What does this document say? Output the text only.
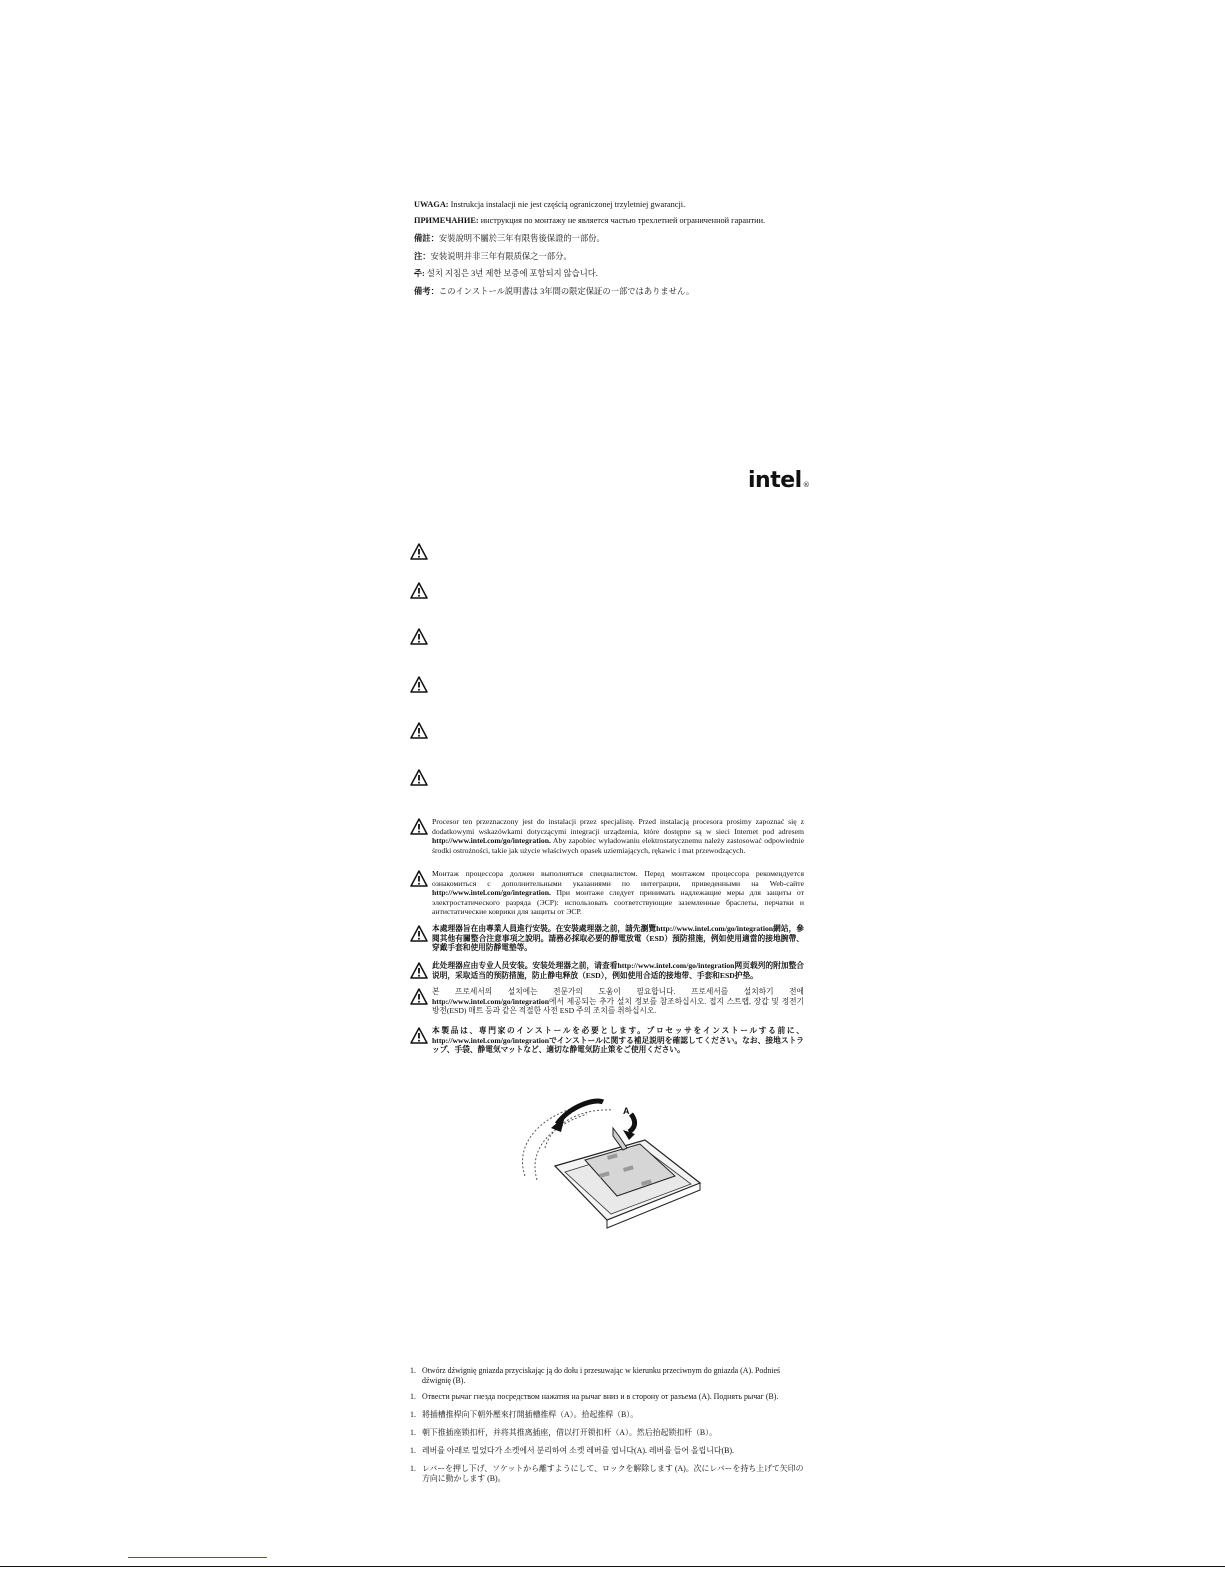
UWAGA: Instrukcja instalacji nie jest częścią ograniczonej trzyletniej gwarancji.
ПРИМЕЧАНИЕ: инструкция по монтажу не является частью трехлетней ограниченной гарантии.
備註：安裝說明不屬於三年有限售後保證的一部份。
注：安装说明并非三年有限质保之一部分。
주: 설치 지침은 3년 제한 보증에 포함되지 않습니다.
備考：このインストール説明書は 3年間の限定保証の一部ではありません。
intel®
Procesor ten przeznaczony jest do instalacji przez specjalistę. Przed instalacją procesora prosimy zapoznać się z dodatkowymi wskazówkami dotyczącymi integracji urządzenia, które dostępne są w sieci Internet pod adresem http://www.intel.com/go/integration. Aby zapobiec wyładowaniu elektrostatycznemu należy zastosować odpowiednie środki ostrożności, takie jak użycie właściwych opasek uziemiających, rękawic i mat przewodzących.
Монтаж процессора должен выполняться специалистом. Перед монтажом процессора рекомендуется ознакомиться с дополнительными указаниями по интеграции, приведенными на Web-сайте http://www.intel.com/go/integration. При монтаже следует принимать надлежащие меры для защиты от электростатического разряда (ЭСР): использовать соответствующие заземленные браслеты, перчатки и антистатические коврики для защиты от ЭСР.
本處理器旨在由專業人員進行安裝。在安裝處理器之前，請先瀏覽http://www.intel.com/go/integration網站，參閱其他有關整合注意事項之說明。請務必採取必要的靜電放電（ESD）預防措施，例如使用適當的接地腕帶、穿戴手套和使用防靜電墊等。
此处理器应由专业人员安装。安装处理器之前，请查看http://www.intel.com/go/integration网页载列的附加整合说明，采取适当的预防措施，防止静电释放（ESD），例如使用合适的接地带、手套和ESD护垫。
본 프로세서의 설치에는 전문가의 도움이 필요합니다. 프로세서를 설치하기 전에 http://www.intel.com/go/integration에서 제공되는 추가 설치 정보를 참조하십시오. 접지 스트랩, 장갑 및 정전기 방전(ESD) 매트 등과 같은 적절한 사전 ESD 주의 조치를 취하십시오.
本製品は、専門家のインストールを必要とします。プロセッサをインストールする前に、http://www.intel.com/go/integrationでインストールに関する補足説明を確認してください。なお、接地ストラップ、手袋、静電気マットなど、適切な静電気防止策をご使用ください。
B	A
1. Otwórz dźwignię gniazda przyciskając ją do dołu i przesuwając w kierunku przeciwnym do gniazda (A). Podnieś dźwignię (B).
1. Отвести рычаг гнезда посредством нажатия на рычаг вниз и в сторону от разъема (A). Поднять рычаг (B).
1. 將插槽推桿向下朝外壓來打開插槽推桿（A）。拾起推桿（B）。
1. 朝下推插座锁扣杆，并将其推离插座，借以打开锁扣杆（A）。然后抬起锁扣杆（B）。
1. 레버를 아래로 밀었다가 소켓에서 분리하여 소켓 레버를 엽니다(A). 레버를 들어 올립니다(B).
1. レバーを押し下げ、ソケットから離すようにして、ロックを解除します (A)。次にレバーを持ち上げて矢印の方向に動かします (B)。
